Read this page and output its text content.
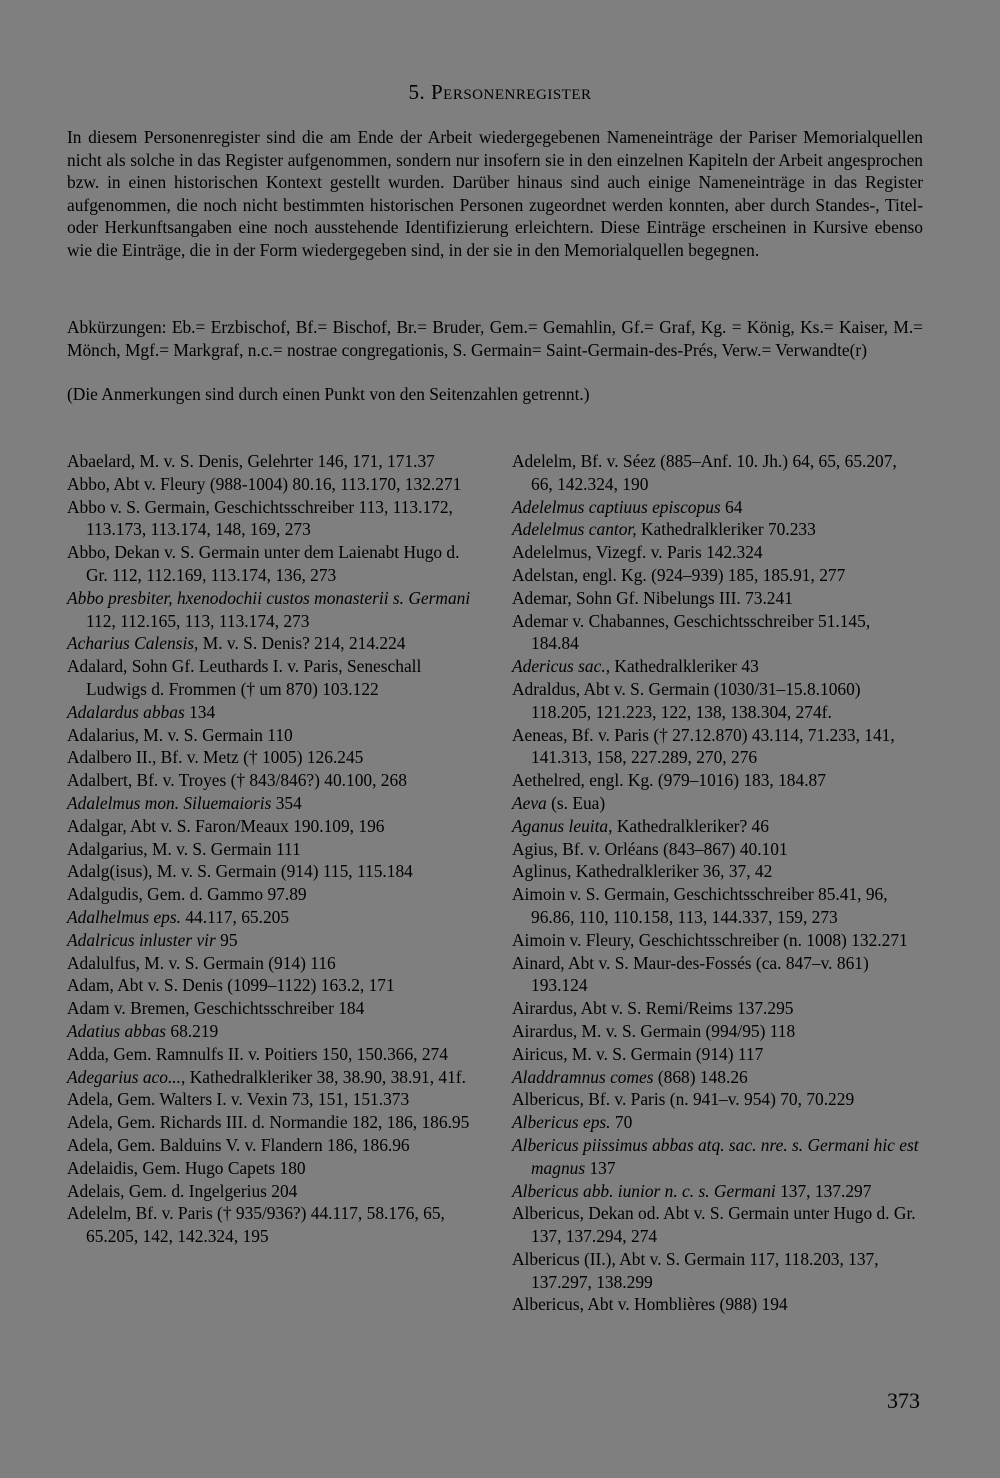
5. Personenregister

In diesem Personenregister sind die am Ende der Arbeit wiedergegebenen Nameneinträge der Pariser Memorialquellen nicht als solche in das Register aufgenommen, sondern nur insofern sie in den einzelnen Kapiteln der Arbeit angesprochen bzw. in einen historischen Kontext gestellt wurden. Darüber hinaus sind auch einige Nameneinträge in das Register aufgenommen, die noch nicht bestimmten historischen Personen zugeordnet werden konnten, aber durch Standes-, Titel- oder Herkunftsangaben eine noch ausstehende Identifizierung erleichtern. Diese Einträge erscheinen in Kursive ebenso wie die Einträge, die in der Form wiedergegeben sind, in der sie in den Memorialquellen begegnen.

Abkürzungen: Eb.= Erzbischof, Bf.= Bischof, Br.= Bruder, Gem.= Gemahlin, Gf.= Graf, Kg. = König, Ks.= Kaiser, M.= Mönch, Mgf.= Markgraf, n.c.= nostrae congregationis, S. Germain= Saint-Germain-des-Prés, Verw.= Verwandte(r)

(Die Anmerkungen sind durch einen Punkt von den Seitenzahlen getrennt.)

Abaelard, M. v. S. Denis, Gelehrter 146, 171, 171.37
Abbo, Abt v. Fleury (988-1004) 80.16, 113.170, 132.271
Abbo v. S. Germain, Geschichtsschreiber 113, 113.172, 113.173, 113.174, 148, 169, 273
Abbo, Dekan v. S. Germain unter dem Laienabt Hugo d. Gr. 112, 112.169, 113.174, 136, 273
Abbo presbiter, hxenodochii custos monasterii s. Germani 112, 112.165, 113, 113.174, 273
Acharius Calensis, M. v. S. Denis? 214, 214.224
Adalard, Sohn Gf. Leuthards I. v. Paris, Seneschall Ludwigs d. Frommen († um 870) 103.122
Adalardus abbas 134
Adalarius, M. v. S. Germain 110
Adalbero II., Bf. v. Metz († 1005) 126.245
Adalbert, Bf. v. Troyes († 843/846?) 40.100, 268
Adalelmus mon. Siluemaioris 354
Adalgar, Abt v. S. Faron/Meaux 190.109, 196
Adalgarius, M. v. S. Germain 111
Adalg(isus), M. v. S. Germain (914) 115, 115.184
Adalgudis, Gem. d. Gammo 97.89
Adalhelmus eps. 44.117, 65.205
Adalricus inluster vir 95
Adalulfus, M. v. S. Germain (914) 116
Adam, Abt v. S. Denis (1099–1122) 163.2, 171
Adam v. Bremen, Geschichtsschreiber 184
Adatius abbas 68.219
Adda, Gem. Ramnulfs II. v. Poitiers 150, 150.366, 274
Adegarius aco..., Kathedralkleriker 38, 38.90, 38.91, 41f.
Adela, Gem. Walters I. v. Vexin 73, 151, 151.373
Adela, Gem. Richards III. d. Normandie 182, 186, 186.95
Adela, Gem. Balduins V. v. Flandern 186, 186.96
Adelaidis, Gem. Hugo Capets 180
Adelais, Gem. d. Ingelgerius 204
Adelelm, Bf. v. Paris († 935/936?) 44.117, 58.176, 65, 65.205, 142, 142.324, 195
Adelelm, Bf. v. Séez (885–Anf. 10. Jh.) 64, 65, 65.207, 66, 142.324, 190
Adelelmus captiuus episcopus 64
Adelelmus cantor, Kathedralkleriker 70.233
Adelelmus, Vizegf. v. Paris 142.324
Adelstan, engl. Kg. (924–939) 185, 185.91, 277
Ademar, Sohn Gf. Nibelungs III. 73.241
Ademar v. Chabannes, Geschichtsschreiber 51.145, 184.84
Adericus sac., Kathedralkleriker 43
Adraldus, Abt v. S. Germain (1030/31–15.8.1060) 118.205, 121.223, 122, 138, 138.304, 274f.
Aeneas, Bf. v. Paris († 27.12.870) 43.114, 71.233, 141, 141.313, 158, 227.289, 270, 276
Aethelred, engl. Kg. (979–1016) 183, 184.87
Aeva (s. Eua)
Aganus leuita, Kathedralkleriker? 46
Agius, Bf. v. Orléans (843–867) 40.101
Aglinus, Kathedralkleriker 36, 37, 42
Aimoin v. S. Germain, Geschichtsschreiber 85.41, 96, 96.86, 110, 110.158, 113, 144.337, 159, 273
Aimoin v. Fleury, Geschichtsschreiber (n. 1008) 132.271
Ainard, Abt v. S. Maur-des-Fossés (ca. 847–v. 861) 193.124
Airardus, Abt v. S. Remi/Reims 137.295
Airardus, M. v. S. Germain (994/95) 118
Airicus, M. v. S. Germain (914) 117
Aladdramnus comes (868) 148.26
Albericus, Bf. v. Paris (n. 941–v. 954) 70, 70.229
Albericus eps. 70
Albericus piissimus abbas atq. sac. nre. s. Germani hic est magnus 137
Albericus abb. iunior n. c. s. Germani 137, 137.297
Albericus, Dekan od. Abt v. S. Germain unter Hugo d. Gr. 137, 137.294, 274
Albericus (II.), Abt v. S. Germain 117, 118.203, 137, 137.297, 138.299
Albericus, Abt v. Homblières (988) 194
373
